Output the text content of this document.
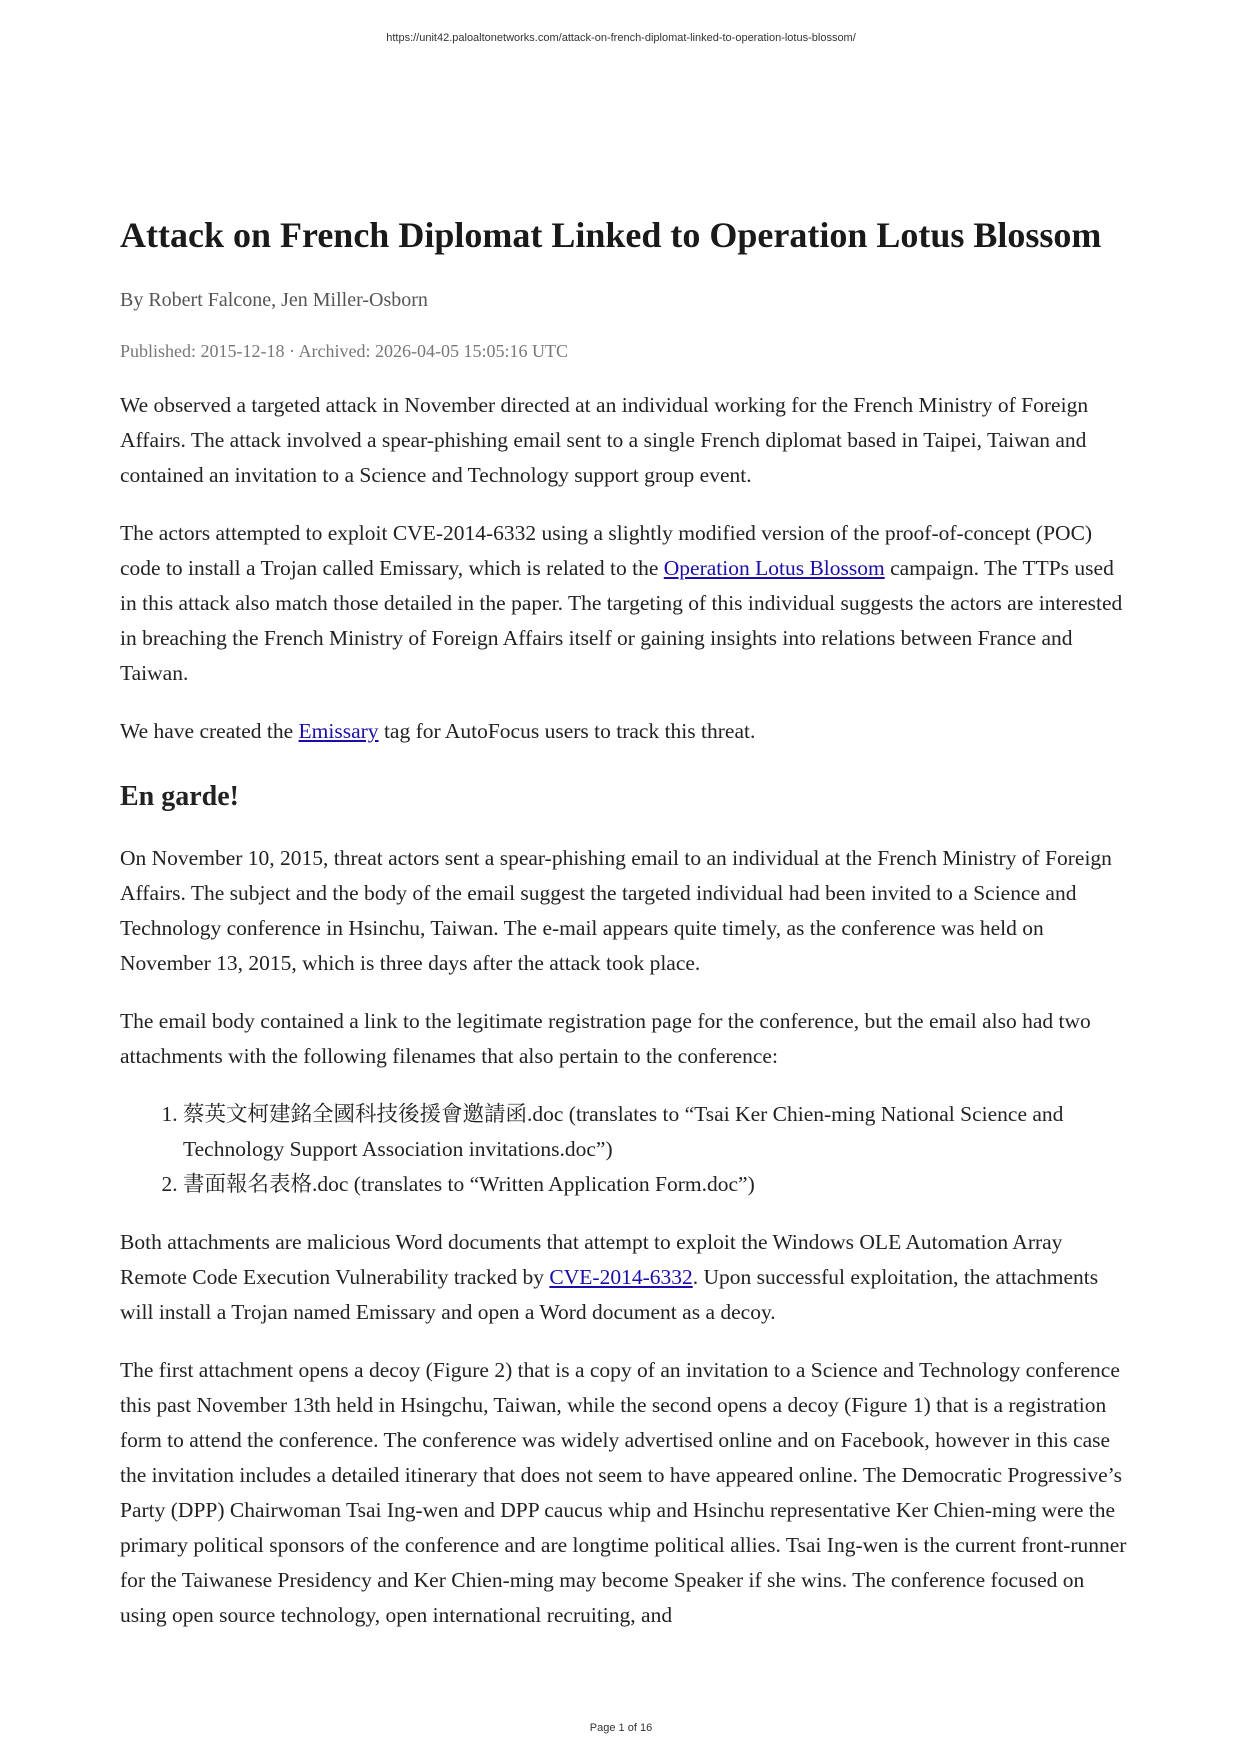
https://unit42.paloaltonetworks.com/attack-on-french-diplomat-linked-to-operation-lotus-blossom/
Attack on French Diplomat Linked to Operation Lotus Blossom
By Robert Falcone, Jen Miller-Osborn
Published: 2015-12-18 · Archived: 2026-04-05 15:05:16 UTC

We observed a targeted attack in November directed at an individual working for the French Ministry of Foreign Affairs. The attack involved a spear-phishing email sent to a single French diplomat based in Taipei, Taiwan and contained an invitation to a Science and Technology support group event.

The actors attempted to exploit CVE-2014-6332 using a slightly modified version of the proof-of-concept (POC) code to install a Trojan called Emissary, which is related to the Operation Lotus Blossom campaign. The TTPs used in this attack also match those detailed in the paper. The targeting of this individual suggests the actors are interested in breaching the French Ministry of Foreign Affairs itself or gaining insights into relations between France and Taiwan.

We have created the Emissary tag for AutoFocus users to track this threat.

En garde!

On November 10, 2015, threat actors sent a spear-phishing email to an individual at the French Ministry of Foreign Affairs. The subject and the body of the email suggest the targeted individual had been invited to a Science and Technology conference in Hsinchu, Taiwan. The e-mail appears quite timely, as the conference was held on November 13, 2015, which is three days after the attack took place.

The email body contained a link to the legitimate registration page for the conference, but the email also had two attachments with the following filenames that also pertain to the conference:

1. 蔡英文柯建銘全國科技後援會邀請函.doc (translates to “Tsai Ker Chien-ming National Science and Technology Support Association invitations.doc”)
2. 書面報名表格.doc (translates to “Written Application Form.doc”)

Both attachments are malicious Word documents that attempt to exploit the Windows OLE Automation Array Remote Code Execution Vulnerability tracked by CVE-2014-6332. Upon successful exploitation, the attachments will install a Trojan named Emissary and open a Word document as a decoy.

The first attachment opens a decoy (Figure 2) that is a copy of an invitation to a Science and Technology conference this past November 13th held in Hsingchu, Taiwan, while the second opens a decoy (Figure 1) that is a registration form to attend the conference. The conference was widely advertised online and on Facebook, however in this case the invitation includes a detailed itinerary that does not seem to have appeared online. The Democratic Progressive’s Party (DPP) Chairwoman Tsai Ing-wen and DPP caucus whip and Hsinchu representative Ker Chien-ming were the primary political sponsors of the conference and are longtime political allies. Tsai Ing-wen is the current front-runner for the Taiwanese Presidency and Ker Chien-ming may become Speaker if she wins. The conference focused on using open source technology, open international recruiting, and

Page 1 of 16
